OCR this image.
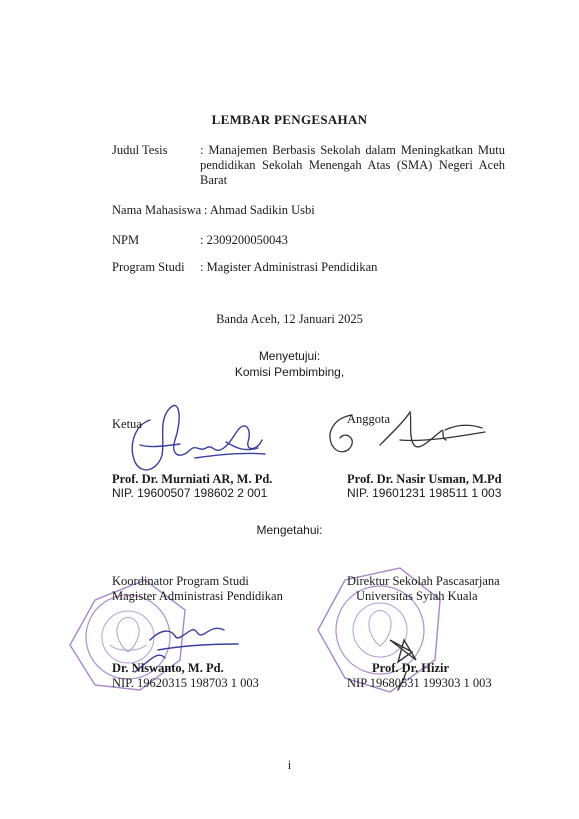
LEMBAR PENGESAHAN
Judul Tesis	: Manajemen Berbasis Sekolah dalam Meningkatkan Mutu pendidikan Sekolah Menengah Atas (SMA) Negeri Aceh Barat
Nama Mahasiswa : Ahmad Sadikin Usbi
NPM	: 2309200050043
Program Studi : Magister Administrasi Pendidikan
Banda Aceh, 12 Januari 2025
Menyetujui:
Komisi Pembimbing,
Ketua	Anggota
Prof. Dr. Murniati AR, M. Pd.
NIP. 19600507 198602 2 001
Prof. Dr. Nasir Usman, M.Pd
NIP. 19601231 198511 1 003
Mengetahui:
Koordinator Program Studi
Magister Administrasi Pendidikan
Dr. Niswanto, M. Pd.
NIP. 19620315 198703 1 003
Direktur Sekolah Pascasarjana
Universitas Syiah Kuala
Prof. Dr. Hizir
NIP 19680531 199303 1 003
i
